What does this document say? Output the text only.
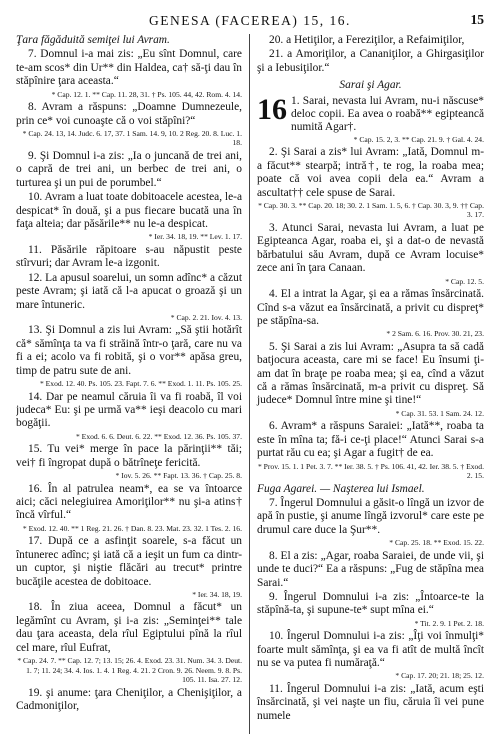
GENESA (FACEREA) 15, 16.	15
Ţara făgăduită semiţei lui Avram.
7. Domnul i-a mai zis: „Eu sînt Domnul, care te-am scos* din Ur** din Haldea, ca† să-ţi dau în stăpînire ţara aceasta.“
* Cap. 12. 1. ** Cap. 11. 28, 31. † Ps. 105. 44, 42. Rom. 4. 14.
8. Avram a răspuns: „Doamne Dumnezeule, prin ce* voi cunoaşte că o voi stăpîni?“
* Cap. 24. 13, 14. Judc. 6. 17, 37. 1 Sam. 14. 9, 10. 2 Reg. 20. 8. Luc. 1. 18.
9. Şi Domnul i-a zis: „Ia o juncană de trei ani, o capră de trei ani, un berbec de trei ani, o turturea şi un pui de porumbel.“
10. Avram a luat toate dobitoacele acestea, le-a despicat* în două, şi a pus fiecare bucată una în faţa alteia; dar păsările** nu le-a despicat.
* Ier. 34. 18, 19. ** Lev. 1. 17.
11. Păsările răpitoare s-au năpustit peste stîrvuri; dar Avram le-a izgonit.
12. La apusul soarelui, un somn adînc* a căzut peste Avram; şi iată că l-a apucat o groază şi un mare întuneric.
* Cap. 2. 21. Iov. 4. 13.
13. Şi Domnul a zis lui Avram: „Să ştii hotărît că* sămînţa ta va fi străină într-o ţară, care nu va fi a ei; acolo va fi robită, şi o vor** apăsa greu, timp de patru sute de ani.
* Exod. 12. 40. Ps. 105. 23. Fapt. 7. 6. ** Exod. 1. 11. Ps. 105. 25.
14. Dar pe neamul căruia îi va fi roabă, îl voi judeca* Eu: şi pe urmă va** ieşi deacolo cu mari bogăţii.
* Exod. 6. 6. Deut. 6. 22. ** Exod. 12. 36. Ps. 105. 37.
15. Tu vei* merge în pace la părinţii** tăi; vei† fi îngropat după o bătrîneţe fericită.
* Iov. 5. 26. ** Fapt. 13. 36. † Cap. 25. 8.
16. În al patrulea neam*, ea se va întoarce aici; căci nelegiuirea Amoriţilor** nu şi-a atins† încă vîrful.“
* Exod. 12. 40. ** 1 Reg. 21. 26. † Dan. 8. 23. Mat. 23. 32. 1 Tes. 2. 16.
17. După ce a asfinţit soarele, s-a făcut un întunerec adînc; şi iată că a ieşit un fum ca dintr-un cuptor, şi niştie flăcări au trecut* printre bucăţile acestea de dobitoace.
* Ier. 34. 18, 19.
18. În ziua aceea, Domnul a făcut* un legămînt cu Avram, şi i-a zis: „Seminţei** tale dau ţara aceasta, dela rîul Egiptului pînă la rîul cel mare, rîul Eufrat,
* Cap. 24. 7. ** Cap. 12. 7; 13. 15; 26. 4. Exod. 23. 31. Num. 34. 3. Deut. 1. 7; 11. 24; 34. 4. Ios. 1. 4. 1 Reg. 4. 21. 2 Cron. 9. 26. Neem. 9. 8. Ps. 105. 11. Isa. 27. 12.
19. şi anume: ţara Cheniţilor, a Chenişiţilor, a Cadmoniţilor,
20. a Hetiţilor, a Fereziţilor, a Refaimiţilor,
21. a Amoriţilor, a Cananiţilor, a Ghirgasiţilor şi a Iebusiţilor.“
Sarai şi Agar.
16 1. Sarai, nevasta lui Avram, nu-i născuse* deloc copii. Ea avea o roabă** egipteancă numită Agar†.
* Cap. 15. 2, 3. ** Cap. 21. 9. † Gal. 4. 24.
2. Şi Sarai a zis* lui Avram: „Iată, Domnul m-a făcut** stearpă; intră†, te rog, la roaba mea; poate că voi avea copii dela ea.“ Avram a ascultat†† cele spuse de Sarai.
* Cap. 30. 3. ** Cap. 20. 18; 30. 2. 1 Sam. 1. 5, 6. † Cap. 30. 3, 9. †† Cap. 3. 17.
3. Atunci Sarai, nevasta lui Avram, a luat pe Egipteanca Agar, roaba ei, şi a dat-o de nevastă bărbatului său Avram, după ce Avram locuise* zece ani în ţara Canaan.
* Cap. 12. 5.
4. El a intrat la Agar, şi ea a rămas însărcinată. Cînd s-a văzut ea însărcinată, a privit cu dispreţ* pe stăpîna-sa.
* 2 Sam. 6. 16. Prov. 30. 21, 23.
5. Şi Sarai a zis lui Avram: „Asupra ta să cadă batjocura aceasta, care mi se face! Eu însumi ţi-am dat în braţe pe roaba mea; şi ea, cînd a văzut că a rămas însărcinată, m-a privit cu dispreţ. Să judece* Domnul între mine şi tine!“
* Cap. 31. 53. 1 Sam. 24. 12.
6. Avram* a răspuns Saraiei: „Iată**, roaba ta este în mîna ta; fă-i ce-ţi place!“ Atunci Sarai s-a purtat rău cu ea; şi Agar a fugit† de ea.
* Prov. 15. 1. 1 Pet. 3. 7. ** Ier. 38. 5. † Ps. 106. 41, 42. Ier. 38. 5. † Exod. 2. 15.
Fuga Agarei. — Naşterea lui Ismael.
7. Îngerul Domnului a găsit-o lîngă un izvor de apă în pustie, şi anume lîngă izvorul* care este pe drumul care duce la Şur**.
* Cap. 25. 18. ** Exod. 15. 22.
8. El a zis: „Agar, roaba Saraiei, de unde vii, şi unde te duci?“ Ea a răspuns: „Fug de stăpîna mea Sarai.“
9. Îngerul Domnului i-a zis: „Întoarce-te la stăpînă-ta, şi supune-te* supt mîna ei.“
* Tit. 2. 9. 1 Pet. 2. 18.
10. Îngerul Domnului i-a zis: „Îţi voi înmulţi* foarte mult sămînţa, şi ea va fi atît de multă încît nu se va putea fi număraţă.“
* Cap. 17. 20; 21. 18; 25. 12.
11. Îngerul Domnului i-a zis: „Iată, acum eşti însărcinată, şi vei naşte un fiu, căruia îi vei pune numele
